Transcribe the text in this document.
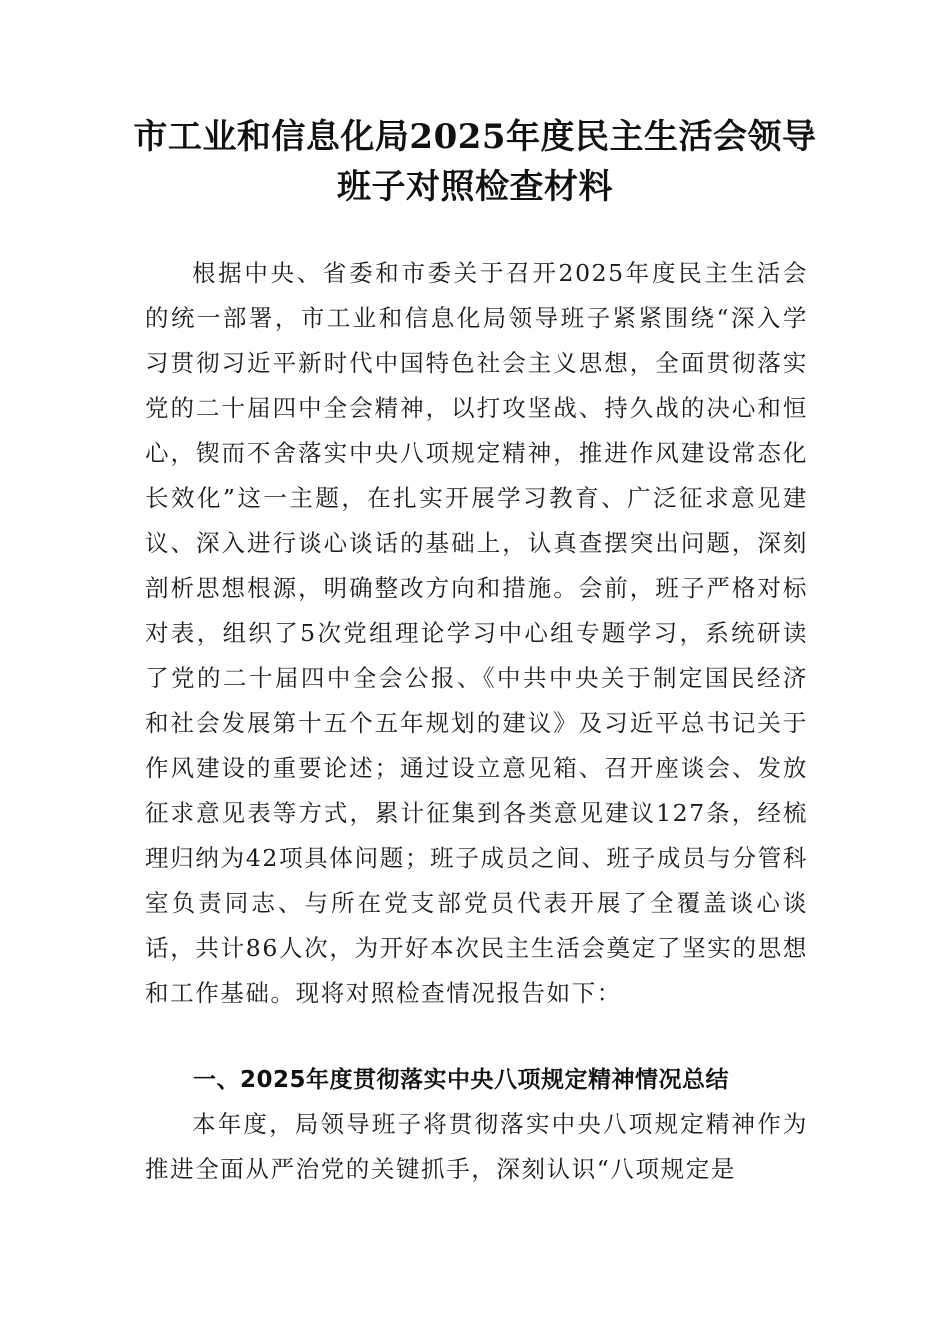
市工业和信息化局2025年度民主生活会领导班子对照检查材料

根据中央、省委和市委关于召开2025年度民主生活会的统一部署，市工业和信息化局领导班子紧紧围绕“深入学习贯彻习近平新时代中国特色社会主义思想，全面贯彻落实党的二十届四中全会精神，以打攻坚战、持久战的决心和恒心，锲而不舍落实中央八项规定精神，推进作风建设常态化长效化”这一主题，在扎实开展学习教育、广泛征求意见建议、深入进行谈心谈话的基础上，认真查摆突出问题，深刻剖析思想根源，明确整改方向和措施。会前，班子严格对标对表，组织了5次党组理论学习中心组专题学习，系统研读了党的二十届四中全会公报、《中共中央关于制定国民经济和社会发展第十五个五年规划的建议》及习近平总书记关于作风建设的重要论述；通过设立意见箱、召开座谈会、发放征求意见表等方式，累计征集到各类意见建议127条，经梳理归纳为42项具体问题；班子成员之间、班子成员与分管科室负责同志、与所在党支部党员代表开展了全覆盖谈心谈话，共计86人次，为开好本次民主生活会奠定了坚实的思想和工作基础。现将对照检查情况报告如下：

一、2025年度贯彻落实中央八项规定精神情况总结

本年度，局领导班子将贯彻落实中央八项规定精神作为推进全面从严治党的关键抓手，深刻认识“八项规定是
